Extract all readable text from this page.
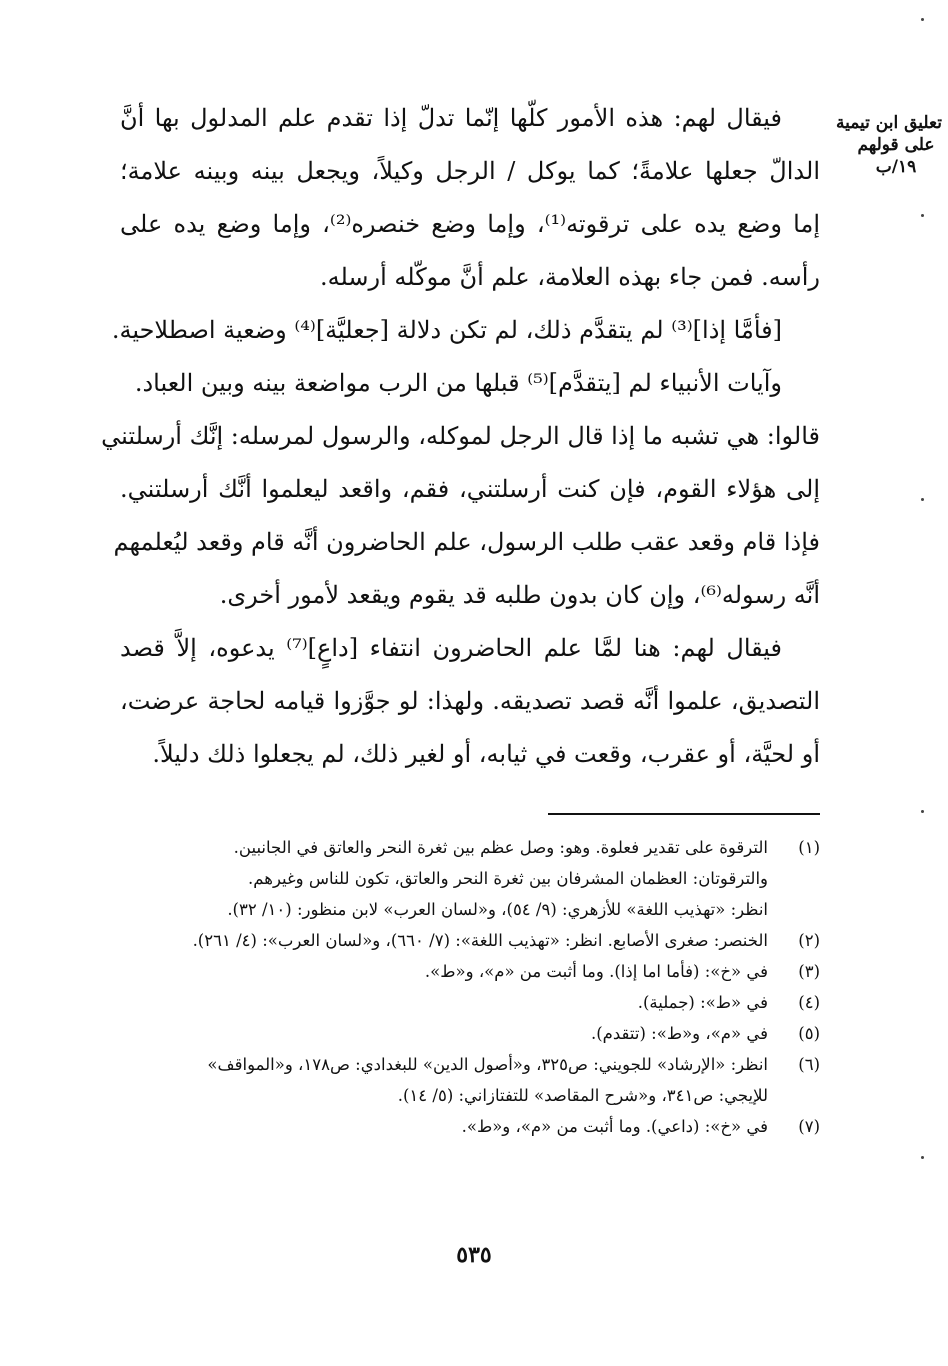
تعليق ابن تيمية
على قولهم
١٩/ب
فيقال لهم: هذه الأمور كلّها إنّما تدلّ إذا تقدم علم المدلول بها أنَّ
الدالّ جعلها علامةً؛ كما يوكل / الرجل وكيلاً، ويجعل بينه وبينه علامة؛
إما وضع يده على ترقوته⁽¹⁾، وإما وضع خنصره⁽²⁾، وإما وضع يده على
رأسه. فمن جاء بهذه العلامة، علم أنَّ موكّله أرسله.
[فأمَّا إذا]⁽³⁾ لم يتقدَّم ذلك، لم تكن دلالة [جعليَّة]⁽⁴⁾ وضعية اصطلاحية.
وآيات الأنبياء لم [يتقدَّم]⁽⁵⁾ قبلها من الرب مواضعة بينه وبين العباد.
قالوا: هي تشبه ما إذا قال الرجل لموكله، والرسول لمرسله: إنَّك أرسلتني
إلى هؤلاء القوم، فإن كنت أرسلتني، فقم، واقعد ليعلموا أنَّك أرسلتني.
فإذا قام وقعد عقب طلب الرسول، علم الحاضرون أنَّه قام وقعد ليُعلمهم
أنَّه رسوله⁽⁶⁾، وإن كان بدون طلبه قد يقوم ويقعد لأمور أخرى.
فيقال لهم: هنا لمَّا علم الحاضرون انتفاء [داعٍ]⁽⁷⁾ يدعوه، إلاَّ قصد
التصديق، علموا أنَّه قصد تصديقه. ولهذا: لو جوَّزوا قيامه لحاجة عرضت،
أو لحيَّة، أو عقرب، وقعت في ثيابه، أو لغير ذلك، لم يجعلوا ذلك دليلاً.
(١)
الترقوة على تقدير فعلوة. وهو: وصل عظم بين ثغرة النحر والعاتق في الجانبين.
والترقوتان: العظمان المشرفان بين ثغرة النحر والعاتق، تكون للناس وغيرهم.
انظر: «تهذيب اللغة» للأزهري: (٩/ ٥٤)، و«لسان العرب» لابن منظور: (١٠/ ٣٢).
(٢)
الخنصر: صغرى الأصابع. انظر: «تهذيب اللغة»: (٧/ ٦٦٠)، و«لسان العرب»: (٤/ ٢٦١).
(٣)
في «خ»: (فأما اما إذا). وما أثبت من «م»، و«ط».
(٤)
في «ط»: (جملية).
(٥)
في «م»، و«ط»: (تتقدم).
(٦)
انظر: «الإرشاد» للجويني: ص٣٢٥، و«أصول الدين» للبغدادي: ص١٧٨، و«المواقف»
للإيجي: ص٣٤١، و«شرح المقاصد» للتفتازاني: (٥/ ١٤).
(٧)
في «خ»: (داعي). وما أثبت من «م»، و«ط».
٥٣٥
